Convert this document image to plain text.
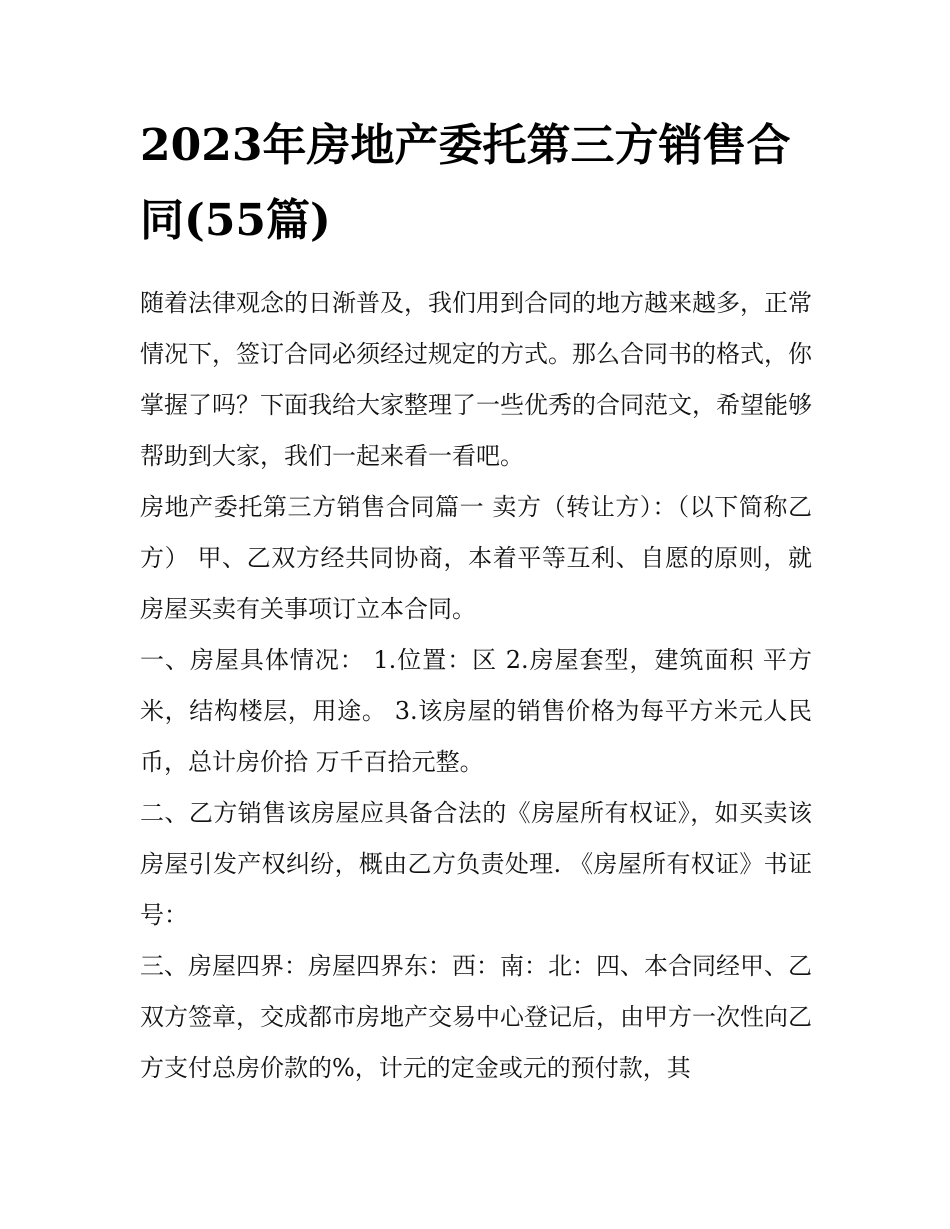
2023年房地产委托第三方销售合同(55篇)

随着法律观念的日渐普及，我们用到合同的地方越来越多，正常情况下，签订合同必须经过规定的方式。那么合同书的格式，你掌握了吗？下面我给大家整理了一些优秀的合同范文，希望能够帮助到大家，我们一起来看一看吧。

房地产委托第三方销售合同篇一 卖方（转让方）：（以下简称乙方） 甲、乙双方经共同协商，本着平等互利、自愿的原则，就房屋买卖有关事项订立本合同。

一、房屋具体情况： 1.位置：区 2.房屋套型，建筑面积 平方米，结构楼层，用途。 3.该房屋的销售价格为每平方米元人民币，总计房价拾 万千百拾元整。

二、乙方销售该房屋应具备合法的《房屋所有权证》，如买卖该房屋引发产权纠纷，概由乙方负责处理. 《房屋所有权证》书证号：

三、房屋四界：房屋四界东：西：南：北：四、本合同经甲、乙双方签章，交成都市房地产交易中心登记后，由甲方一次性向乙方支付总房价款的%，计元的定金或元的预付款，其
